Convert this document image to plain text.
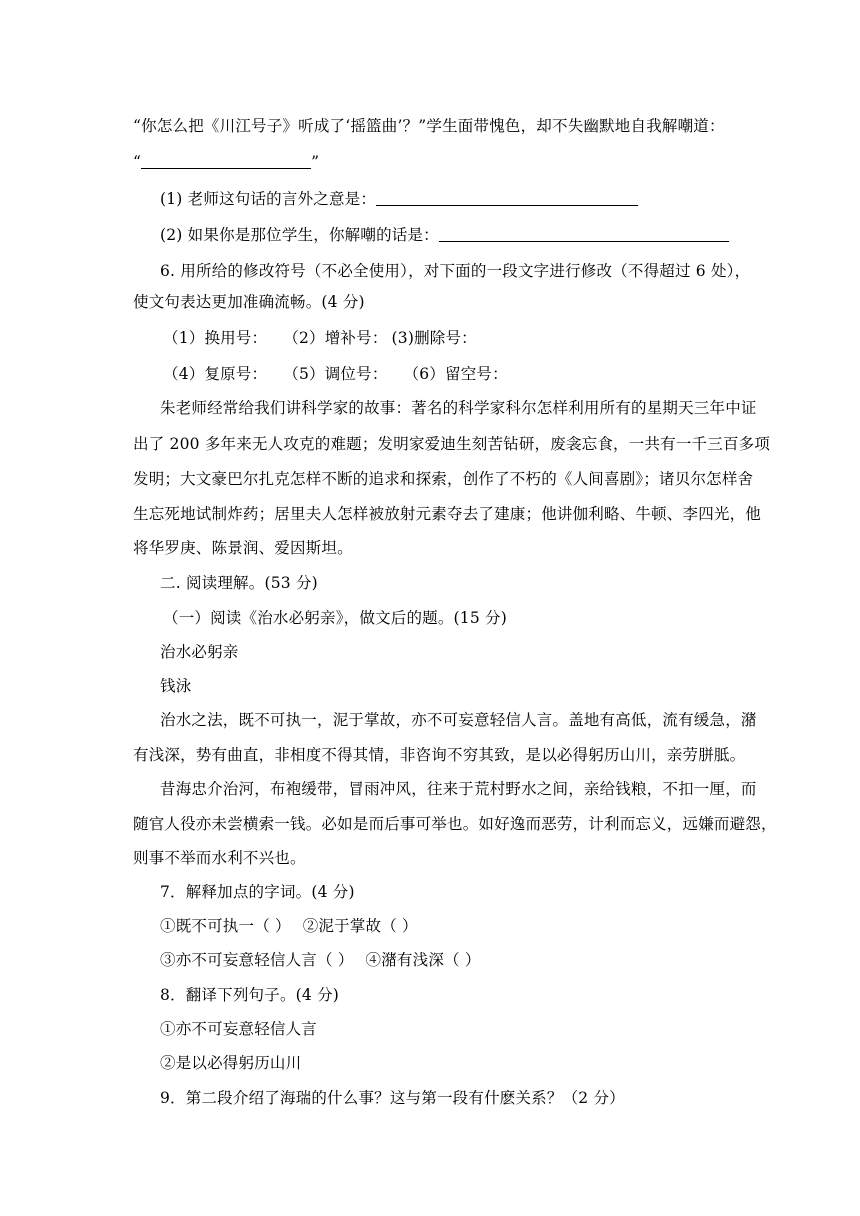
“你怎么把《川江号子》听成了‘摇篮曲’？”学生面带愧色，却不失幽默地自我解嘲道：
“	”
(1) 老师这句话的言外之意是：
(2) 如果你是那位学生，你解嘲的话是：
6. 用所给的修改符号（不必全使用），对下面的一段文字进行修改（不得超过 6 处），
使文句表达更加准确流畅。(4 分)
（1）换用号： （2）增补号： (3)删除号：
（4）复原号： （5）调位号： （6）留空号：
朱老师经常给我们讲科学家的故事：著名的科学家科尔怎样利用所有的星期天三年中证
出了 200 多年来无人攻克的难题；发明家爱迪生刻苦钻研，废衾忘食，一共有一千三百多项
发明；大文豪巴尔扎克怎样不断的追求和探索，创作了不朽的《人间喜剧》；诸贝尔怎样舍
生忘死地试制炸药；居里夫人怎样被放射元素夺去了建康；他讲伽利略、牛顿、李四光，他
将华罗庚、陈景润、爱因斯坦。
二. 阅读理解。(53 分)
（一）阅读《治水必躬亲》，做文后的题。(15 分)
治水必躬亲
钱泳
治水之法，既不可执一，泥于掌故，亦不可妄意轻信人言。盖地有高低，流有缓急，潴
有浅深，势有曲直，非相度不得其情，非咨询不穷其致，是以必得躬历山川，亲劳胼胝。
昔海忠介治河，布袍缓带，冒雨冲风，往来于荒村野水之间，亲给钱粮，不扣一厘，而
随官人役亦未尝横索一钱。必如是而后事可举也。如好逸而恶劳，计利而忘义，远嫌而避怨，
则事不举而水利不兴也。
7．解释加点的字词。(4 分)
①既不可执一（ ） ②泥于掌故（ ）
③亦不可妄意轻信人言（ ） ④潴有浅深（ ）
8．翻译下列句子。(4 分)
①亦不可妄意轻信人言
②是以必得躬历山川
9．第二段介绍了海瑞的什么事？这与第一段有什麽关系？（2 分）
